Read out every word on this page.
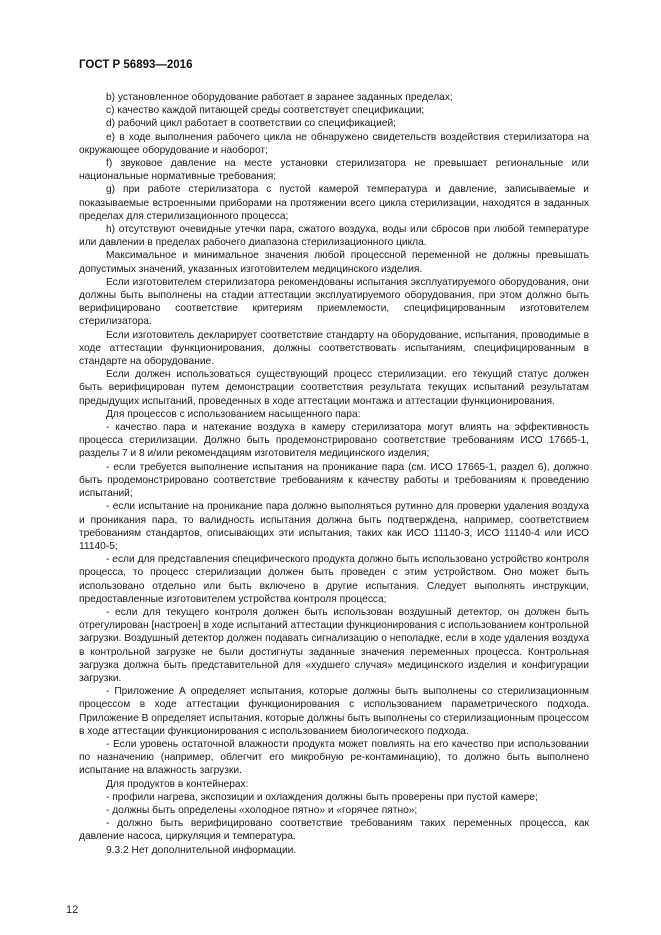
ГОСТ Р 56893—2016

b) установленное оборудование работает в заранее заданных пределах;

c) качество каждой питающей среды соответствует спецификации;

d) рабочий цикл работает в соответствии со спецификацией;

e) в ходе выполнения рабочего цикла не обнаружено свидетельств воздействия стерилизатора на окружающее оборудование и наоборот;

f) звуковое давление на месте установки стерилизатора не превышает региональные или национальные нормативные требования;

g) при работе стерилизатора с пустой камерой температура и давление, записываемые и показываемые встроенными приборами на протяжении всего цикла стерилизации, находятся в заданных пределах для стерилизационного процесса;

h) отсутствуют очевидные утечки пара, сжатого воздуха, воды или сбросов при любой температуре или давлении в пределах рабочего диапазона стерилизационного цикла.

Максимальное и минимальное значения любой процессной переменной не должны превышать допустимых значений, указанных изготовителем медицинского изделия.

Если изготовителем стерилизатора рекомендованы испытания эксплуатируемого оборудования, они должны быть выполнены на стадии аттестации эксплуатируемого оборудования, при этом должно быть верифицировано соответствие критериям приемлемости, специфицированным изготовителем стерилизатора.

Если изготовитель декларирует соответствие стандарту на оборудование, испытания, проводимые в ходе аттестации функционирования, должны соответствовать испытаниям, специфицированным в стандарте на оборудование.

Если должен использоваться существующий процесс стерилизации, его текущий статус должен быть верифицирован путем демонстрации соответствия результата текущих испытаний результатам предыдущих испытаний, проведенных в ходе аттестации монтажа и аттестации функционирования.

Для процессов с использованием насыщенного пара:

- качество пара и натекание воздуха в камеру стерилизатора могут влиять на эффективность процесса стерилизации. Должно быть продемонстрировано соответствие требованиям ИСО 17665-1, разделы 7 и 8 и/или рекомендациям изготовителя медицинского изделия;

- если требуется выполнение испытания на проникание пара (см. ИСО 17665-1, раздел 6), должно быть продемонстрировано соответствие требованиям к качеству работы и требованиям к проведению испытаний;

- если испытание на проникание пара должно выполняться рутинно для проверки удаления воздуха и проникания пара, то валидность испытания должна быть подтверждена, например, соответствием требованиям стандартов, описывающих эти испытания, таких как ИСО 11140-3, ИСО 11140-4 или ИСО 11140-5;

- если для представления специфического продукта должно быть использовано устройство контроля процесса, то процесс стерилизации должен быть проведен с этим устройством. Оно может быть использовано отдельно или быть включено в другие испытания. Следует выполнять инструкции, предоставленные изготовителем устройства контроля процесса;

- если для текущего контроля должен быть использован воздушный детектор, он должен быть отрегулирован [настроен] в ходе испытаний аттестации функционирования с использованием контрольной загрузки. Воздушный детектор должен подавать сигнализацию о неполадке, если в ходе удаления воздуха в контрольной загрузке не были достигнуты заданные значения переменных процесса. Контрольная загрузка должна быть представительной для «худшего случая» медицинского изделия и конфигурации загрузки.

- Приложение А определяет испытания, которые должны быть выполнены со стерилизационным процессом в ходе аттестации функционирования с использованием параметрического подхода. Приложение В определяет испытания, которые должны быть выполнены со стерилизационным процессом в ходе аттестации функционирования с использованием биологического подхода.

- Если уровень остаточной влажности продукта может повлиять на его качество при использовании по назначению (например, облегчит его микробную ре-контаминацию), то должно быть выполнено испытание на влажность загрузки.

Для продуктов в контейнерах:

- профили нагрева, экспозиции и охлаждения должны быть проверены при пустой камере;

- должны быть определены «холодное пятно» и «горячее пятно»;

- должно быть верифицировано соответствие требованиям таких переменных процесса, как давление насоса, циркуляция и температура.

9.3.2 Нет дополнительной информации.

12
